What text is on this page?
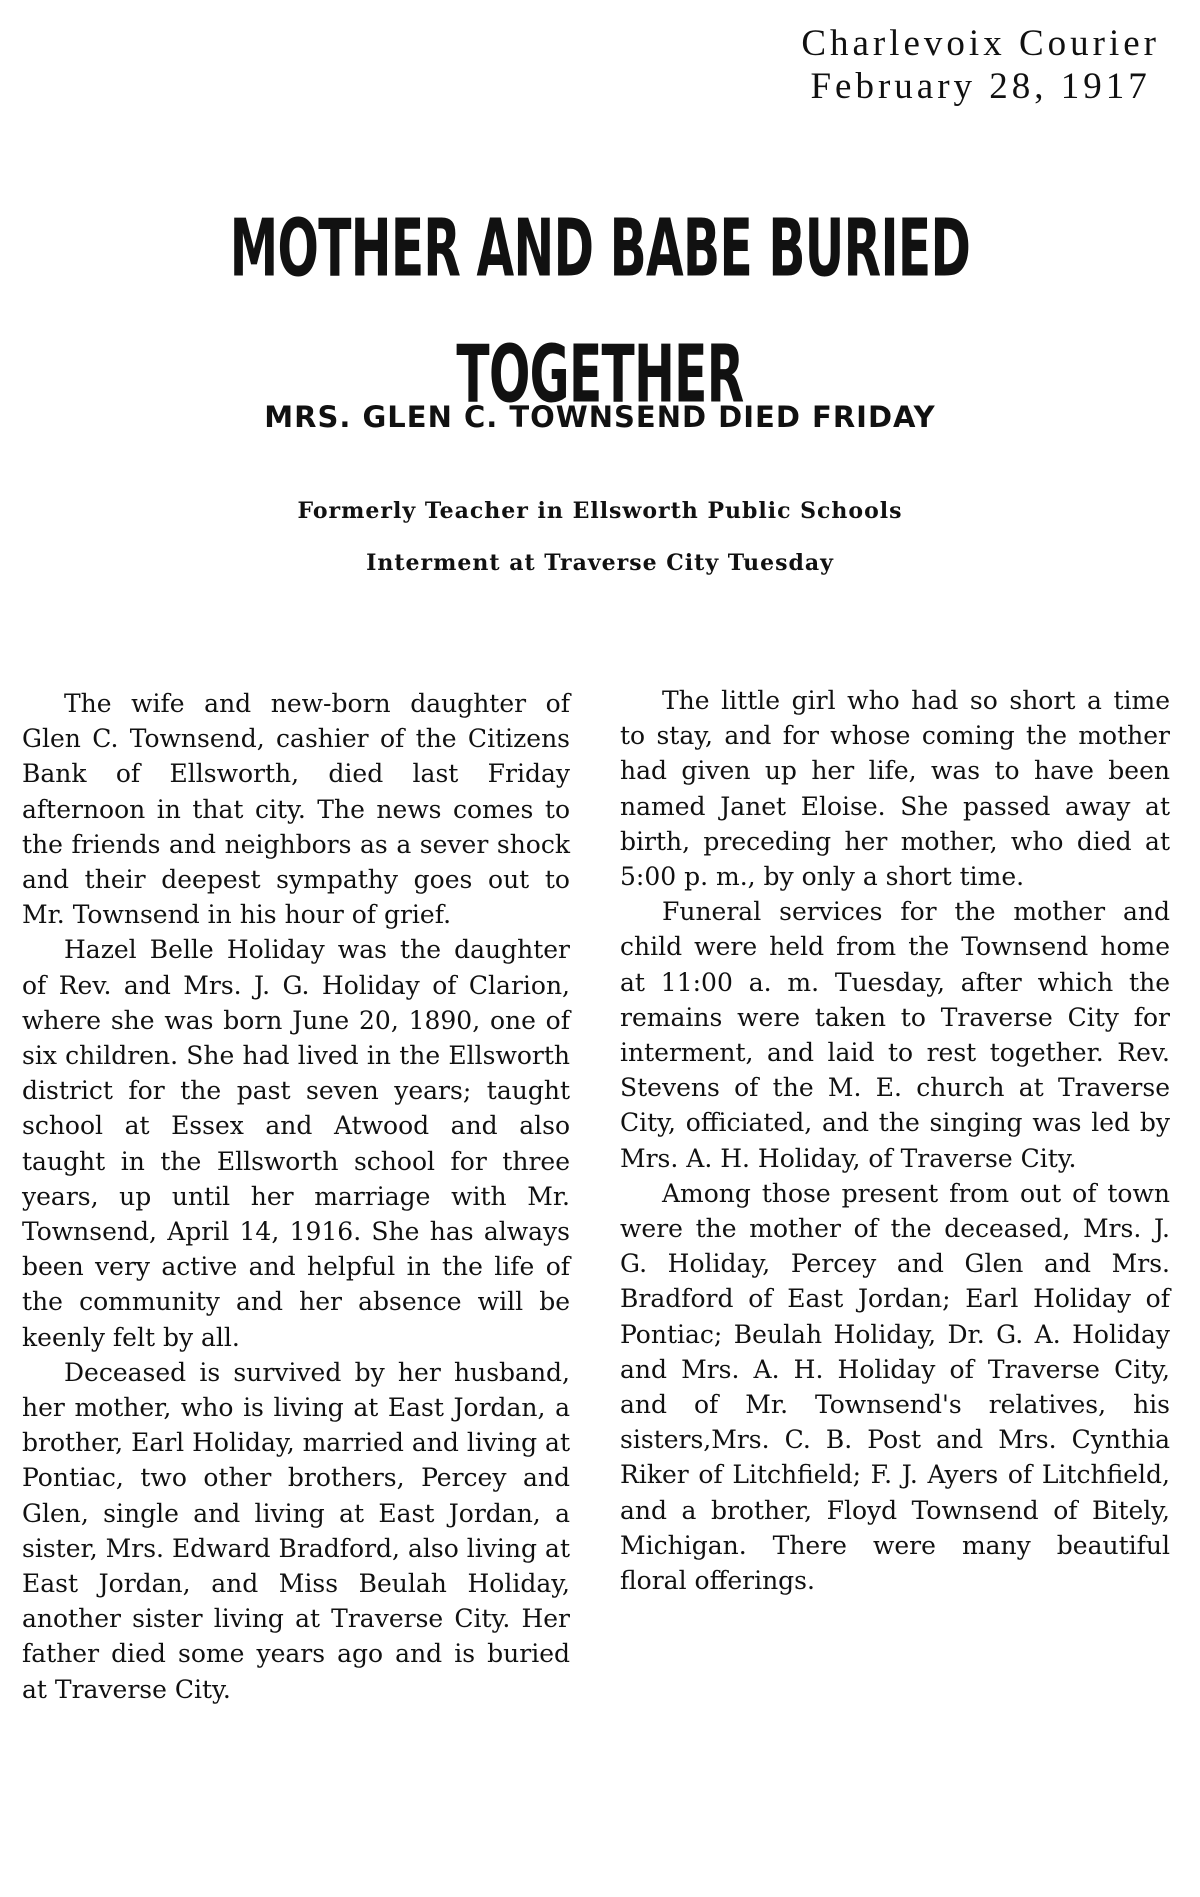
Charlevoix Courier
February 28, 1917
MOTHER AND BABE BURIED TOGETHER
MRS. GLEN C. TOWNSEND DIED FRIDAY
Formerly Teacher in Ellsworth Public Schools
Interment at Traverse City Tuesday

The wife and new-born daughter of Glen C. Townsend, cashier of the Citizens Bank of Ellsworth, died last Friday afternoon in that city. The news comes to the friends and neighbors as a sever shock and their deepest sympathy goes out to Mr. Townsend in his hour of grief.

Hazel Belle Holiday was the daughter of Rev. and Mrs. J. G. Holiday of Clarion, where she was born June 20, 1890, one of six children. She had lived in the Ellsworth district for the past seven years; taught school at Essex and Atwood and also taught in the Ellsworth school for three years, up until her marriage with Mr. Townsend, April 14, 1916. She has always been very active and helpful in the life of the community and her absence will be keenly felt by all.

Deceased is survived by her husband, her mother, who is living at East Jordan, a brother, Earl Holiday, married and living at Pontiac, two other brothers, Percey and Glen, single and living at East Jordan, a sister, Mrs. Edward Bradford, also living at East Jordan, and Miss Beulah Holiday, another sister living at Traverse City. Her father died some years ago and is buried at Traverse City.

The little girl who had so short a time to stay, and for whose coming the mother had given up her life, was to have been named Janet Eloise. She passed away at birth, preceding her mother, who died at 5:00 p. m., by only a short time.

Funeral services for the mother and child were held from the Townsend home at 11:00 a. m. Tuesday, after which the remains were taken to Traverse City for interment, and laid to rest together. Rev. Stevens of the M. E. church at Traverse City, officiated, and the singing was led by Mrs. A. H. Holiday, of Traverse City.

Among those present from out of town were the mother of the deceased, Mrs. J. G. Holiday, Percey and Glen and Mrs. Bradford of East Jordan; Earl Holiday of Pontiac; Beulah Holiday, Dr. G. A. Holiday and Mrs. A. H. Holiday of Traverse City, and of Mr. Townsend's relatives, his sisters,Mrs. C. B. Post and Mrs. Cynthia Riker of Litchfield; F. J. Ayers of Litchfield, and a brother, Floyd Townsend of Bitely, Michigan. There were many beautiful floral offerings.
